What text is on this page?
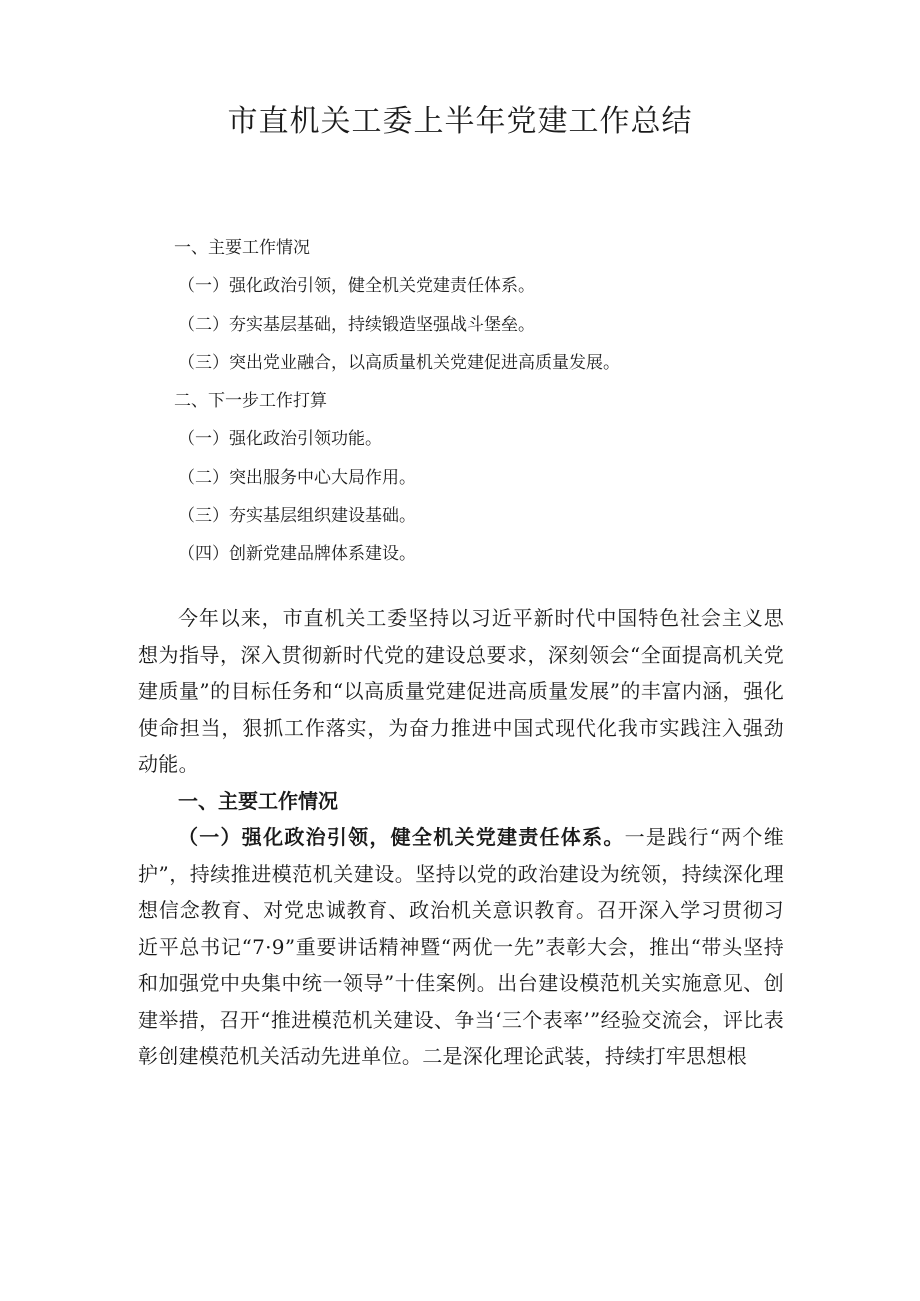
市直机关工委上半年党建工作总结
一、主要工作情况
（一）强化政治引领，健全机关党建责任体系。
（二）夯实基层基础，持续锻造坚强战斗堡垒。
（三）突出党业融合，以高质量机关党建促进高质量发展。
二、下一步工作打算
（一）强化政治引领功能。
（二）突出服务中心大局作用。
（三）夯实基层组织建设基础。
（四）创新党建品牌体系建设。

今年以来，市直机关工委坚持以习近平新时代中国特色社会主义思想为指导，深入贯彻新时代党的建设总要求，深刻领会“全面提高机关党建质量”的目标任务和“以高质量党建促进高质量发展”的丰富内涵，强化使命担当，狠抓工作落实，为奋力推进中国式现代化我市实践注入强劲动能。

一、主要工作情况

（一）强化政治引领，健全机关党建责任体系。一是践行“两个维护”，持续推进模范机关建设。坚持以党的政治建设为统领，持续深化理想信念教育、对党忠诚教育、政治机关意识教育。召开深入学习贯彻习近平总书记“7·9”重要讲话精神暨“两优一先”表彰大会，推出“带头坚持和加强党中央集中统一领导”十佳案例。出台建设模范机关实施意见、创建举措，召开“推进模范机关建设、争当‘三个表率’”经验交流会，评比表彰创建模范机关活动先进单位。二是深化理论武装，持续打牢思想根
